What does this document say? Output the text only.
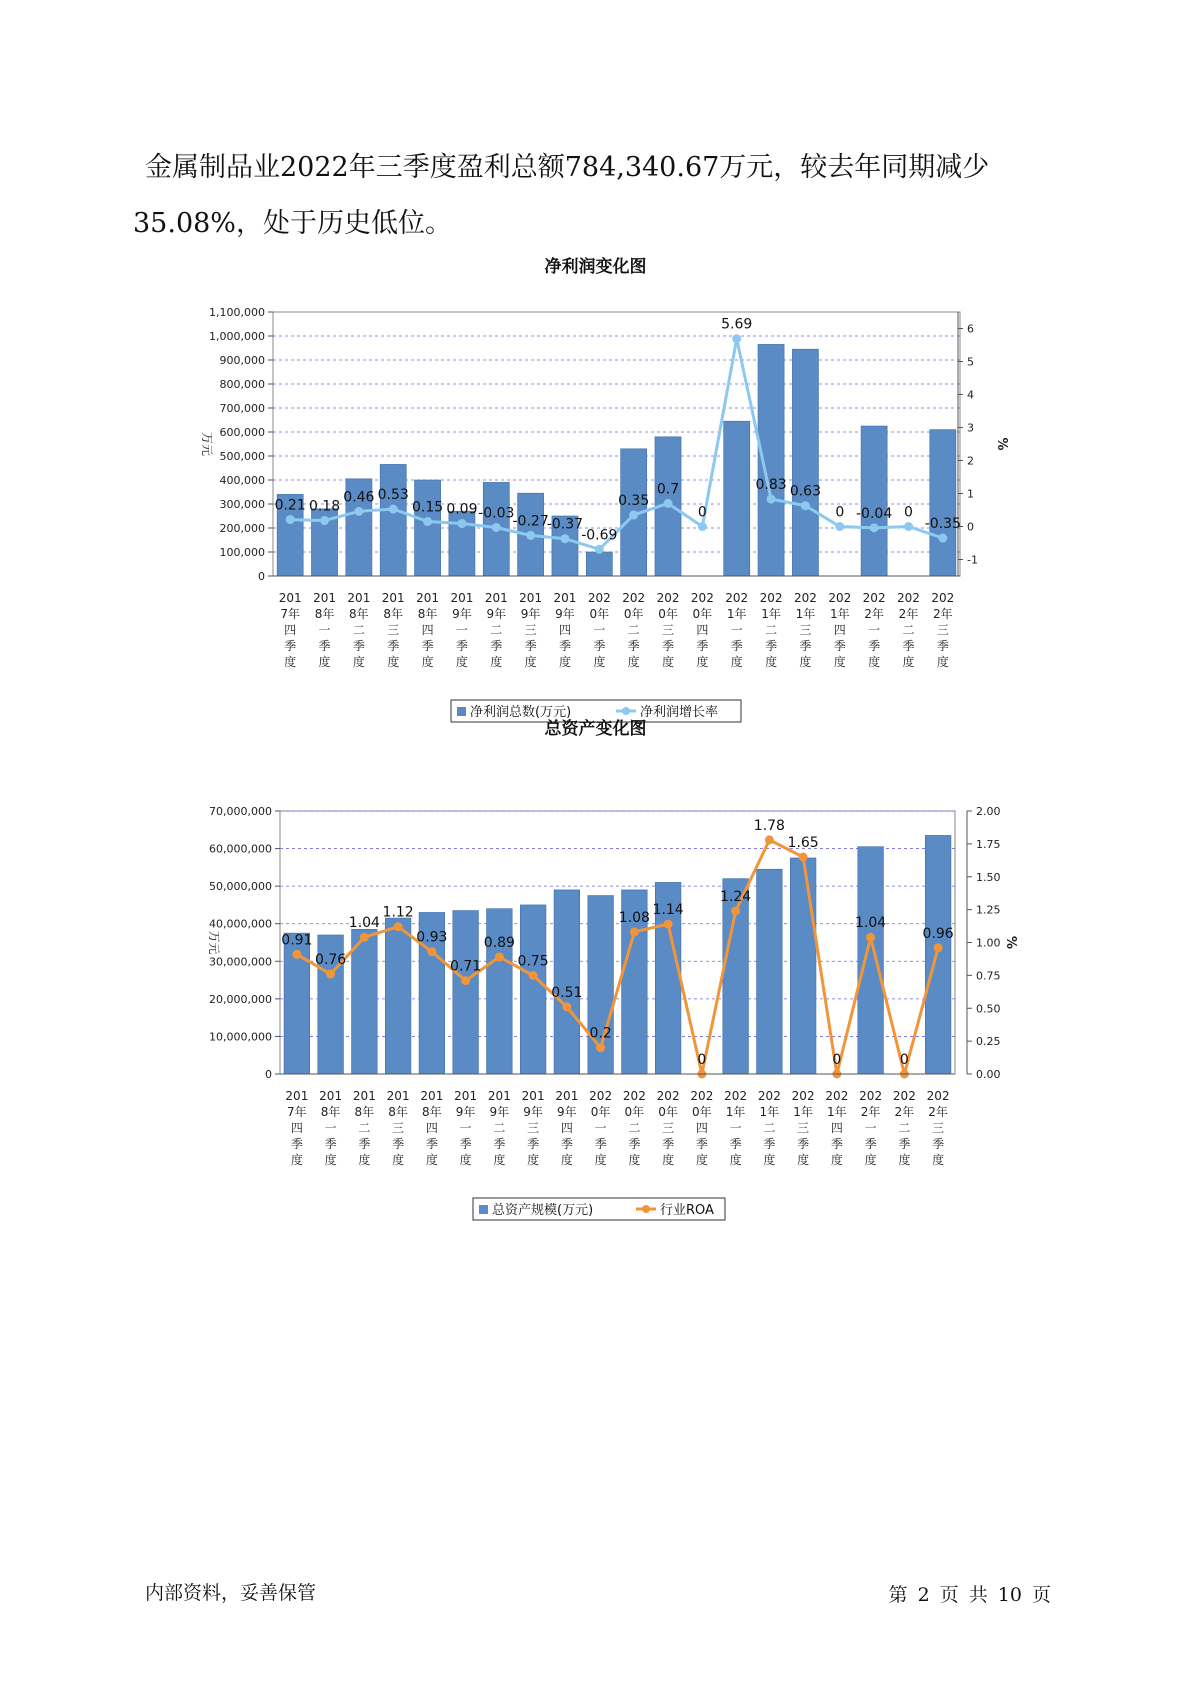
金属制品业2022年三季度盈利总额784,340.67万元，较去年同期减少

35.08%，处于历史低位。

净利润变化图
0
100,000
200,000
300,000
400,000
500,000
600,000
700,000
800,000
900,000
1,000,000
1,100,000
-1
0
1
2
3
4
5
6
万元	%
0.21 0.18
0.46 0.53
0.15 0.09 -0.03
-0.27
-0.37
-0.69
0.35
0.7
0
5.69
0.83 0.63
0 -0.04 0
-0.35
201 7年四季度
201 8年一季度
201 8年二季度
201 8年三季度
201 8年四季度
201 9年一季度
201 9年二季度
201 9年三季度
201 9年四季度
202 0年一季度
202 0年二季度
202 0年三季度
202 0年四季度
202 1年一季度
202 1年二季度
202 1年三季度
202 1年四季度
202 2年一季度
202 2年二季度
202 2年三季度
净利润总数(万元)	净利润增长率
总资产变化图
0
10,000,000
20,000,000
30,000,000
40,000,000
50,000,000
60,000,000
70,000,000
0.00
0.25
0.50
0.75
1.00
1.25
1.50
1.75
2.00
万元	%
0.91
0.76
1.04
1.12
0.93
0.71
0.89
0.75
0.51
0.2
1.08 1.14
0
1.24
1.78
1.65
0
1.04
0
0.96
201 7年四季度
201 8年一季度
201 8年二季度
201 8年三季度
201 8年四季度
201 9年一季度
201 9年二季度
201 9年三季度
201 9年四季度
202 0年一季度
202 0年二季度
202 0年三季度
202 0年四季度
202 1年一季度
202 1年二季度
202 1年三季度
202 1年四季度
202 2年一季度
202 2年二季度
202 2年三季度
总资产规模(万元)	行业ROA
内部资料，妥善保管	第 2 页 共 10 页
